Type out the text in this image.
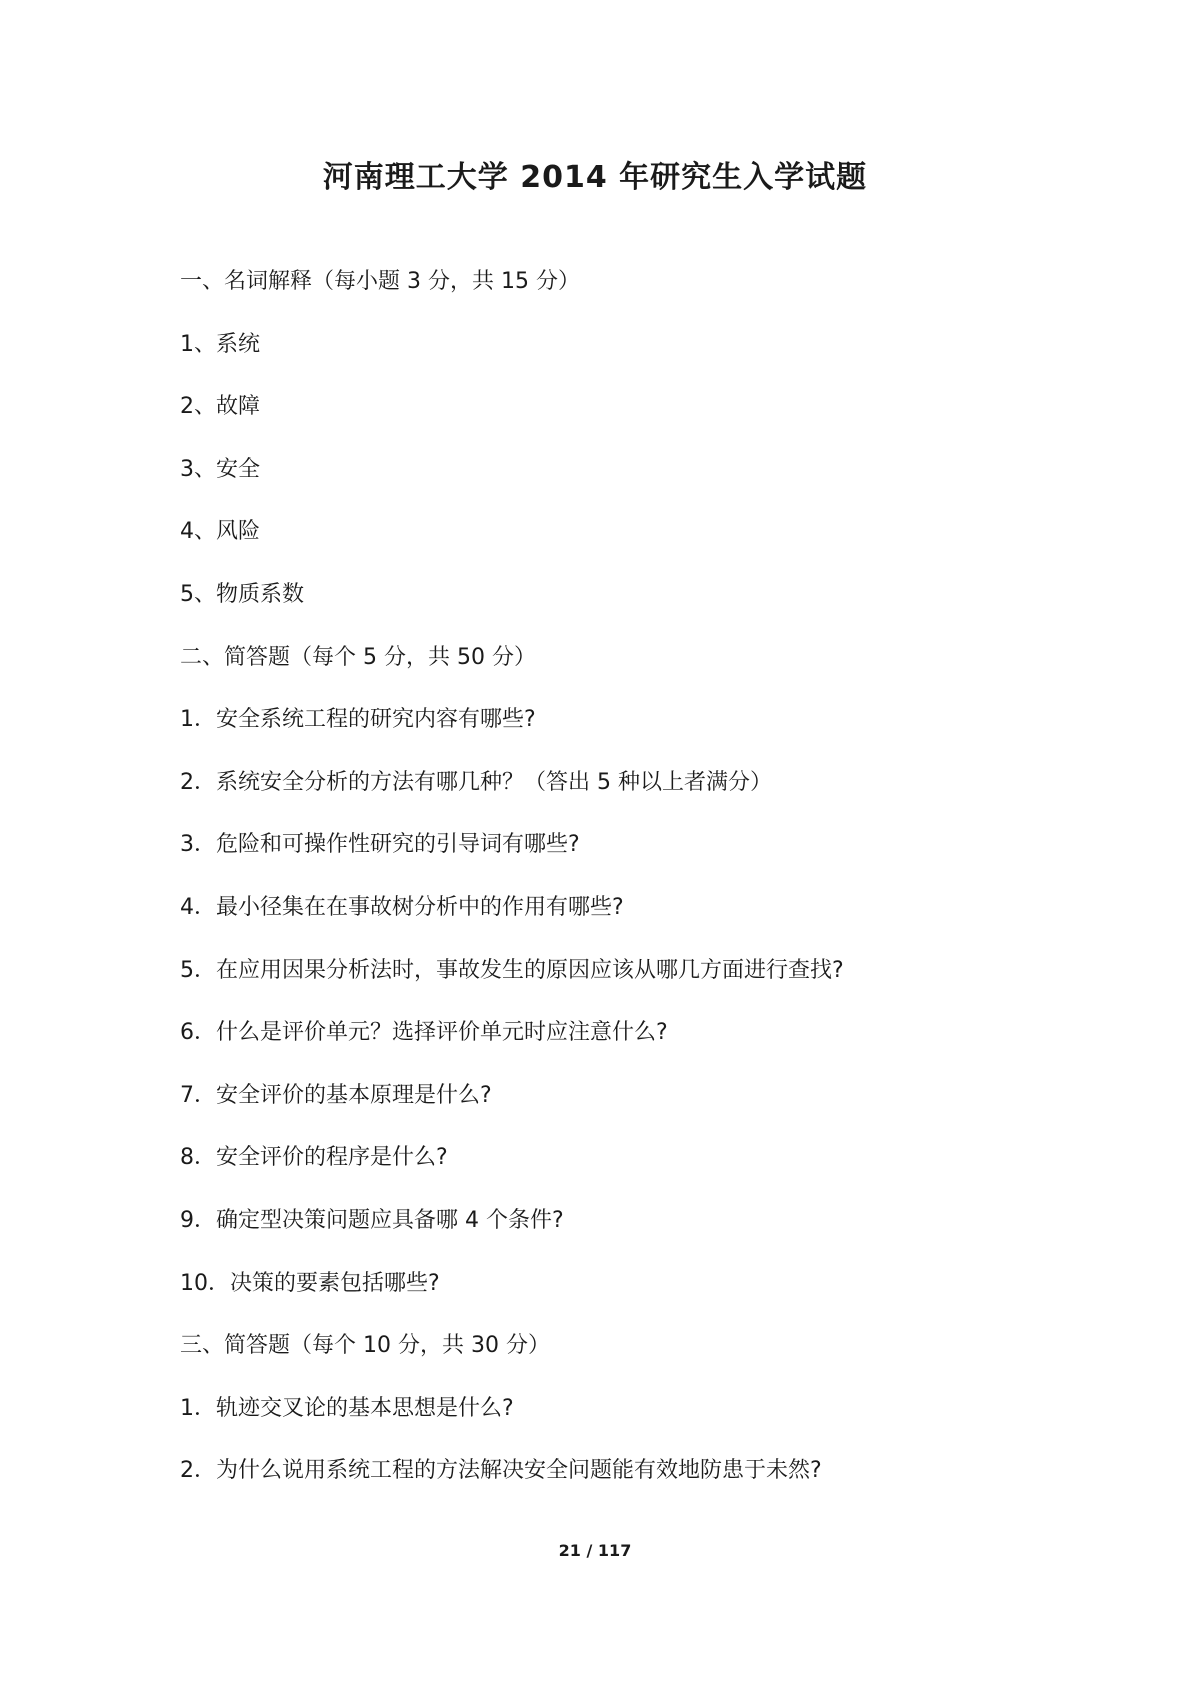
河南理工大学 2014 年研究生入学试题
一、名词解释（每小题 3 分，共 15 分）
1、系统
2、故障
3、安全
4、风险
5、物质系数
二、简答题（每个 5 分，共 50 分）
1．安全系统工程的研究内容有哪些?
2．系统安全分析的方法有哪几种？（答出 5 种以上者满分）
3．危险和可操作性研究的引导词有哪些?
4．最小径集在在事故树分析中的作用有哪些?
5．在应用因果分析法时，事故发生的原因应该从哪几方面进行查找?
6．什么是评价单元？选择评价单元时应注意什么?
7．安全评价的基本原理是什么?
8．安全评价的程序是什么?
9．确定型决策问题应具备哪 4 个条件?
10．决策的要素包括哪些?
三、简答题（每个 10 分，共 30 分）
1．轨迹交叉论的基本思想是什么?
2．为什么说用系统工程的方法解决安全问题能有效地防患于未然?
21 / 117
